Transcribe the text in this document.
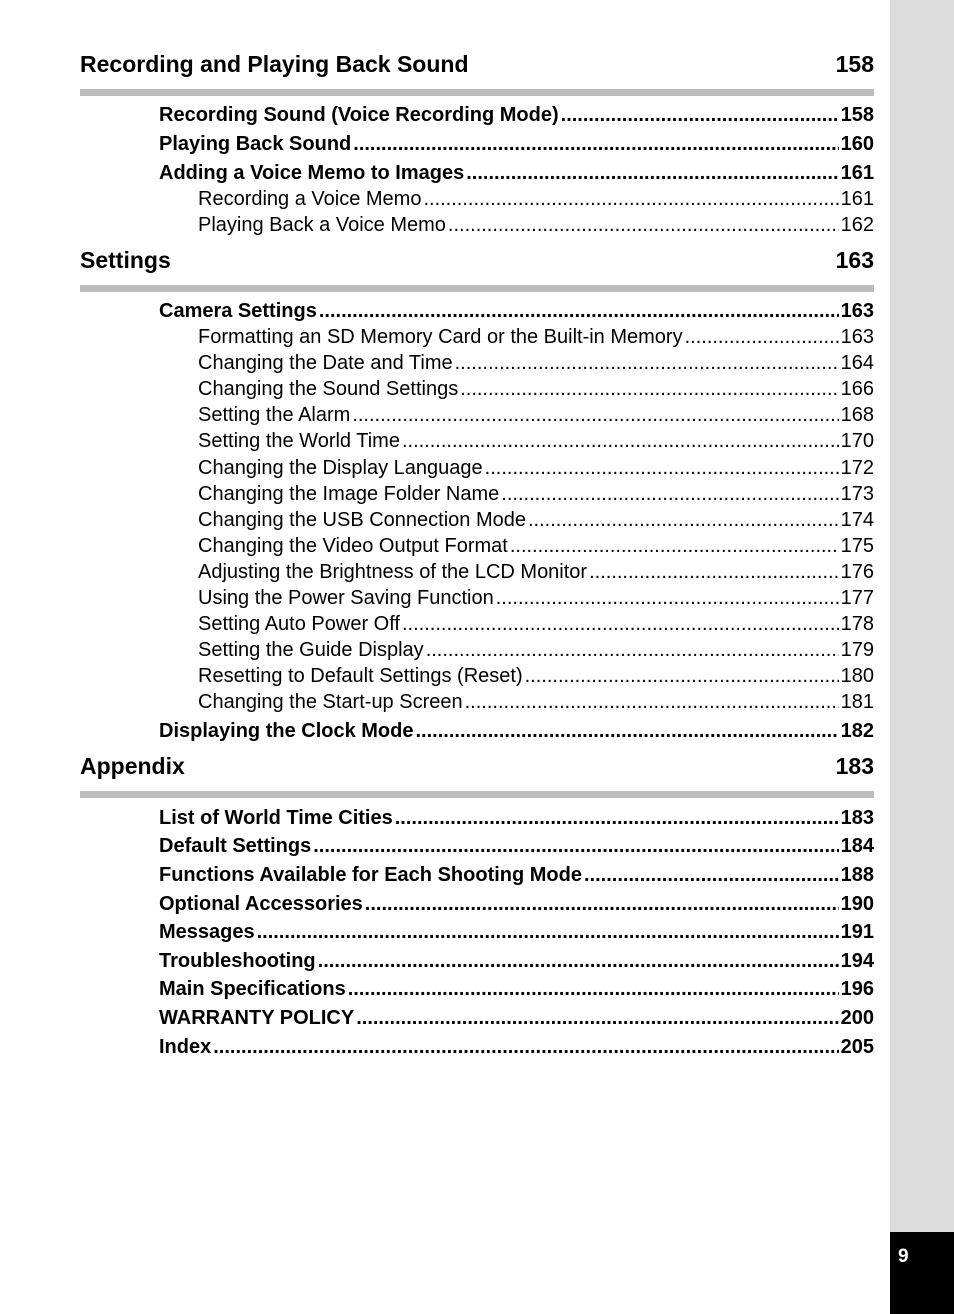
9
Recording and Playing Back Sound	158
Recording Sound (Voice Recording Mode) .....	158
Playing Back Sound .....	160
Adding a Voice Memo to Images .....	161
Recording a Voice Memo .....	161
Playing Back a Voice Memo .....	162
Settings	163
Camera Settings .....	163
Formatting an SD Memory Card or the Built-in Memory .....	163
Changing the Date and Time .....	164
Changing the Sound Settings .....	166
Setting the Alarm .....	168
Setting the World Time .....	170
Changing the Display Language .....	172
Changing the Image Folder Name .....	173
Changing the USB Connection Mode .....	174
Changing the Video Output Format .....	175
Adjusting the Brightness of the LCD Monitor .....	176
Using the Power Saving Function .....	177
Setting Auto Power Off .....	178
Setting the Guide Display .....	179
Resetting to Default Settings (Reset) .....	180
Changing the Start-up Screen .....	181
Displaying the Clock Mode .....	182
Appendix	183
List of World Time Cities .....	183
Default Settings .....	184
Functions Available for Each Shooting Mode .....	188
Optional Accessories .....	190
Messages .....	191
Troubleshooting .....	194
Main Specifications .....	196
WARRANTY POLICY .....	200
Index .....	205
